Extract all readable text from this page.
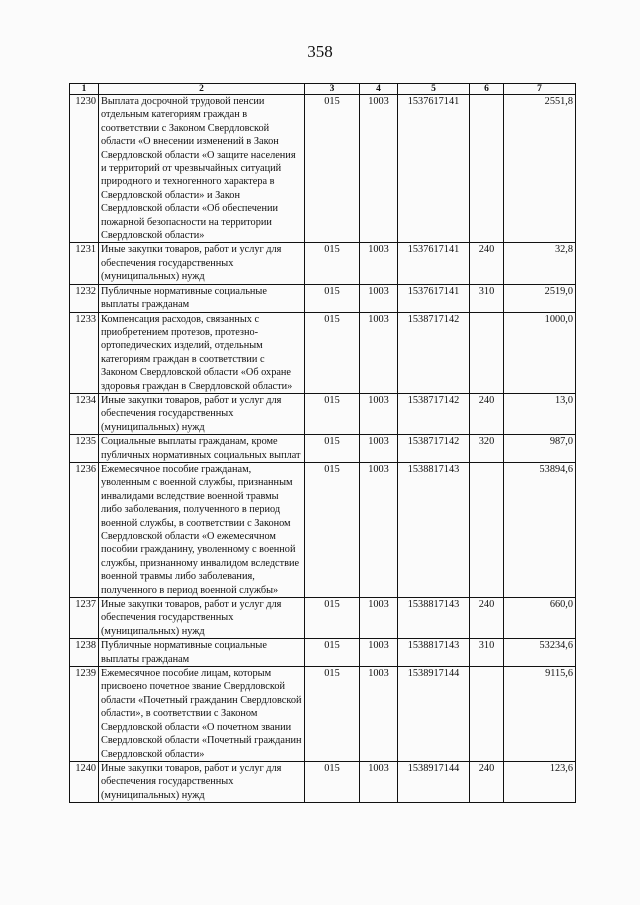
358
1	2	3	4	5	6	7
1230	Выплата досрочной трудовой пенсии отдельным категориям граждан в соответствии с Законом Свердловской области «О внесении изменений в Закон Свердловской области «О защите населения и территорий от чрезвычайных ситуаций природного и техногенного характера в Свердловской области» и Закон Свердловской области «Об обеспечении пожарной безопасности на территории Свердловской области»	015	1003	1537617141		2551,8
1231	Иные закупки товаров, работ и услуг для обеспечения государственных (муниципальных) нужд	015	1003	1537617141	240	32,8
1232	Публичные нормативные социальные выплаты гражданам	015	1003	1537617141	310	2519,0
1233	Компенсация расходов, связанных с приобретением протезов, протезно-ортопедических изделий, отдельным категориям граждан в соответствии с Законом Свердловской области «Об охране здоровья граждан в Свердловской области»	015	1003	1538717142		1000,0
1234	Иные закупки товаров, работ и услуг для обеспечения государственных (муниципальных) нужд	015	1003	1538717142	240	13,0
1235	Социальные выплаты гражданам, кроме публичных нормативных социальных выплат	015	1003	1538717142	320	987,0
1236	Ежемесячное пособие гражданам, уволенным с военной службы, признанным инвалидами вследствие военной травмы либо заболевания, полученного в период военной службы, в соответствии с Законом Свердловской области «О ежемесячном пособии гражданину, уволенному с военной службы, признанному инвалидом вследствие военной травмы либо заболевания, полученного в период военной службы»	015	1003	1538817143		53894,6
1237	Иные закупки товаров, работ и услуг для обеспечения государственных (муниципальных) нужд	015	1003	1538817143	240	660,0
1238	Публичные нормативные социальные выплаты гражданам	015	1003	1538817143	310	53234,6
1239	Ежемесячное пособие лицам, которым присвоено почетное звание Свердловской области «Почетный гражданин Свердловской области», в соответствии с Законом Свердловской области «О почетном звании Свердловской области «Почетный гражданин Свердловской области»	015	1003	1538917144		9115,6
1240	Иные закупки товаров, работ и услуг для обеспечения государственных (муниципальных) нужд	015	1003	1538917144	240	123,6
